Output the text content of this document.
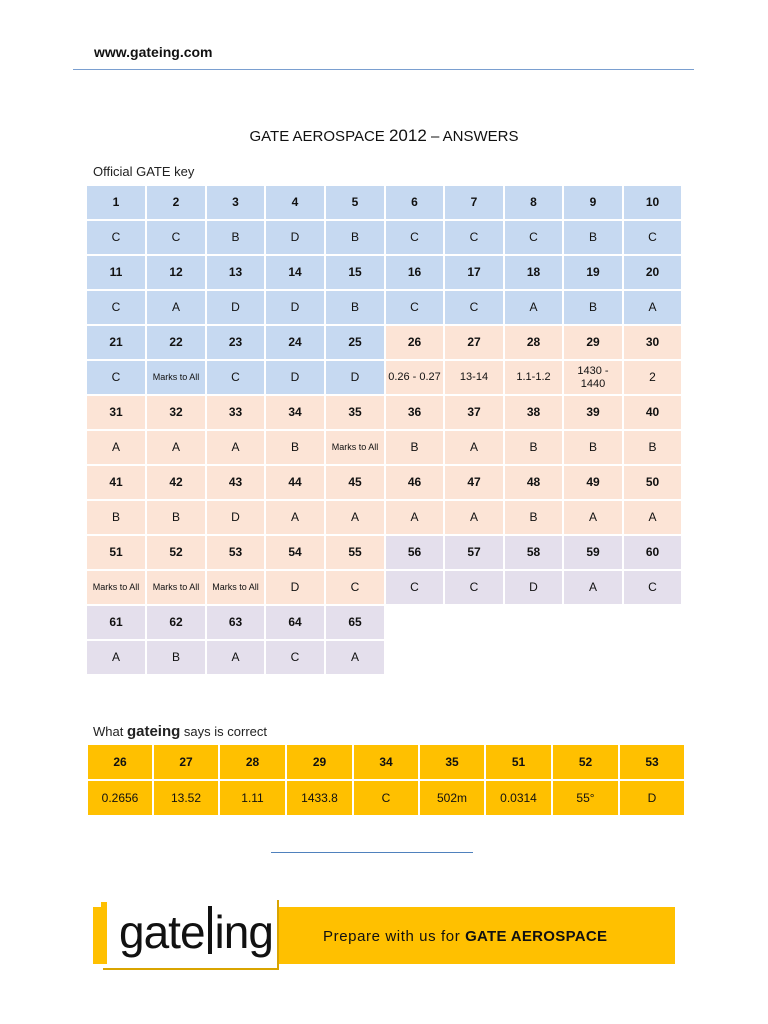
www.gateing.com
GATE AEROSPACE 2012 – ANSWERS
Official GATE key
1	2	3	4	5	6	7	8	9	10
C	C	B	D	B	C	C	C	B	C
11	12	13	14	15	16	17	18	19	20
C	A	D	D	B	C	C	A	B	A
21	22	23	24	25	26	27	28	29	30
C	Marks to All	C	D	D	0.26 - 0.27	13-14	1.1-1.2	1430 - 1440	2
31	32	33	34	35	36	37	38	39	40
A	A	A	B	Marks to All	B	A	B	B	B
41	42	43	44	45	46	47	48	49	50
B	B	D	A	A	A	A	B	A	A
51	52	53	54	55	56	57	58	59	60
Marks to All	Marks to All	Marks to All	D	C	C	C	D	A	C
61	62	63	64	65					
A	B	A	C	A					
What gateing says is correct
26	27	28	29	34	35	51	52	53
0.2656	13.52	1.11	1433.8	C	502m	0.0314	55°	D
gate ing	Prepare with us for GATE AEROSPACE
